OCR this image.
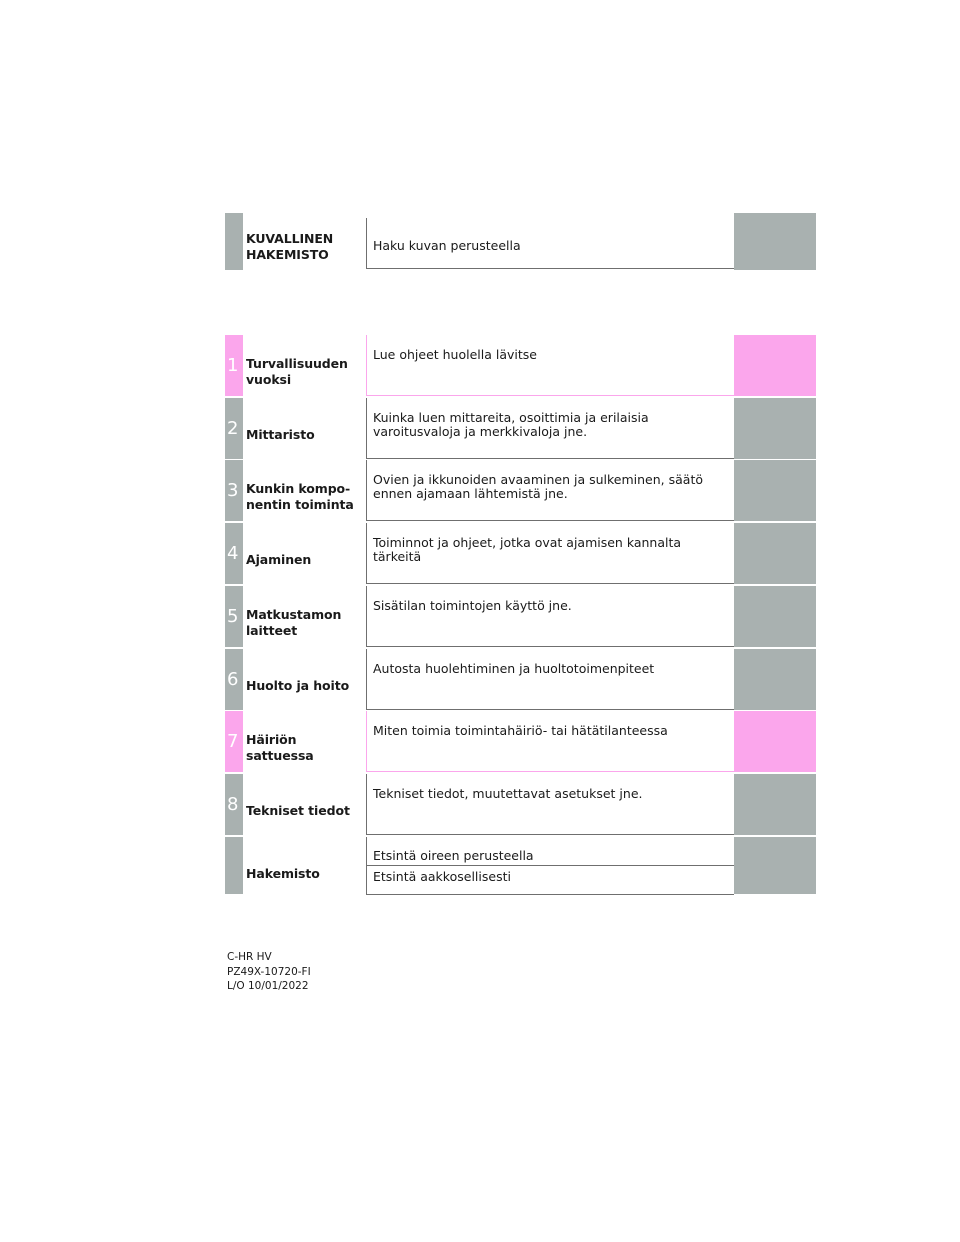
KUVALLINEN HAKEMISTO
Haku kuvan perusteella
1 Turvallisuuden vuoksi
Lue ohjeet huolella lävitse
2 Mittaristo
Kuinka luen mittareita, osoittimia ja erilaisia varoitusvaloja ja merkkivaloja jne.
3 Kunkin kompo- nentin toiminta
Ovien ja ikkunoiden avaaminen ja sulkeminen, säätö ennen ajamaan lähtemistä jne.
4 Ajaminen
Toiminnot ja ohjeet, jotka ovat ajamisen kannalta tärkeitä
5 Matkustamon laitteet
Sisätilan toimintojen käyttö jne.
6 Huolto ja hoito
Autosta huolehtiminen ja huoltotoimenpiteet
7 Häiriön sattuessa
Miten toimia toimintahäiriö- tai hätätilanteessa
8 Tekniset tiedot
Tekniset tiedot, muutettavat asetukset jne.
Hakemisto
Etsintä oireen perusteella
Etsintä aakkosellisesti
C-HR HV
PZ49X-10720-FI
L/O 10/01/2022
